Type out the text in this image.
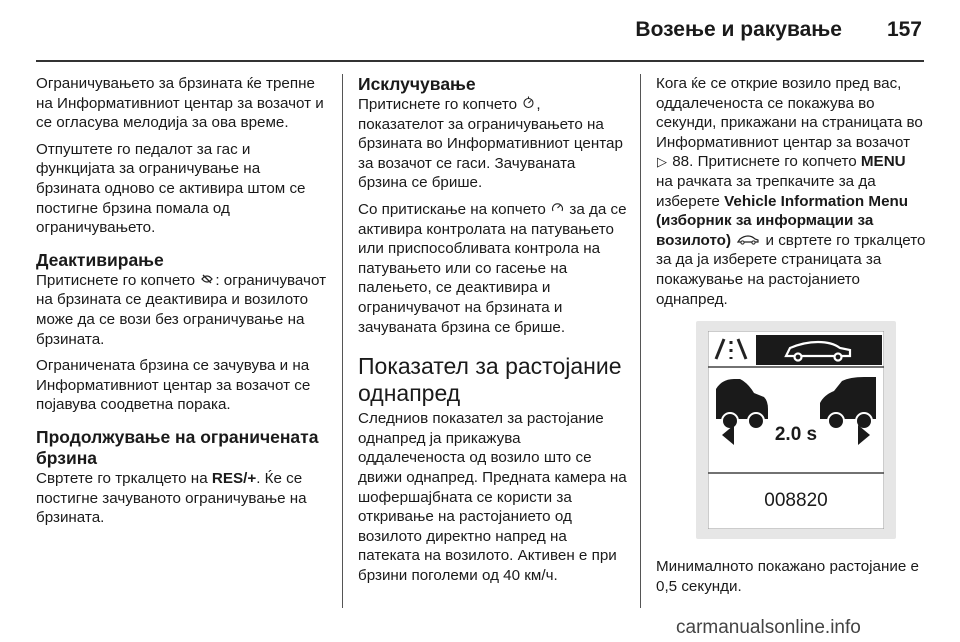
Возење и ракување 157

Ограничувањето за брзината ќе трепне на Информативниот центар за возачот и се огласува мелодија за ова време.

Отпуштете го педалот за гас и функцијата за ограничување на брзината одново се активира штом се постигне брзина помала од ограничувањето.

Деактивирање

Притиснете го копчето : ограничувачот на брзината се деактивира и возилото може да се вози без ограничување на брзината.

Ограничената брзина се зачувува и на Информативниот центар за возачот се појавува соодветна порака.

Продолжување на ограничената брзина

Свртете го тркалцето на RES/+. Ќе се постигне зачуваното ограничување на брзината.

Исклучување

Притиснете го копчето , показателот за ограничувањето на брзината во Информативниот центар за возачот се гаси. Зачуваната брзина се брише.

Со притискање на копчето за да се активира контролата на патувањето или приспособливата контрола на патувањето или со гасење на палењето, се деактивира и ограничувачот на брзината и зачуваната брзина се брише.

Показател за растојание однапред

Следниов показател за растојание однапред ја прикажува оддалеченоста од возило што се движи однапред. Предната камера на шофершајбната се користи за откривање на растојанието од возилото директно напред на патеката на возилото. Активен е при брзини поголеми од 40 км/ч.

Кога ќе се открие возило пред вас, оддалеченоста се покажува во секунди, прикажани на страницата во Информативниот центар за возачот ▷ 88. Притиснете го копчето MENU на рачката за трепкачите за да изберете Vehicle Information Menu (изборник за информации за возилото) и свртете го тркалцето за да ја изберете страницата за покажување на растојанието однапред.

2.0 s
008820

Минималното покажано растојание е 0,5 секунди.

carmanualsonline.info
